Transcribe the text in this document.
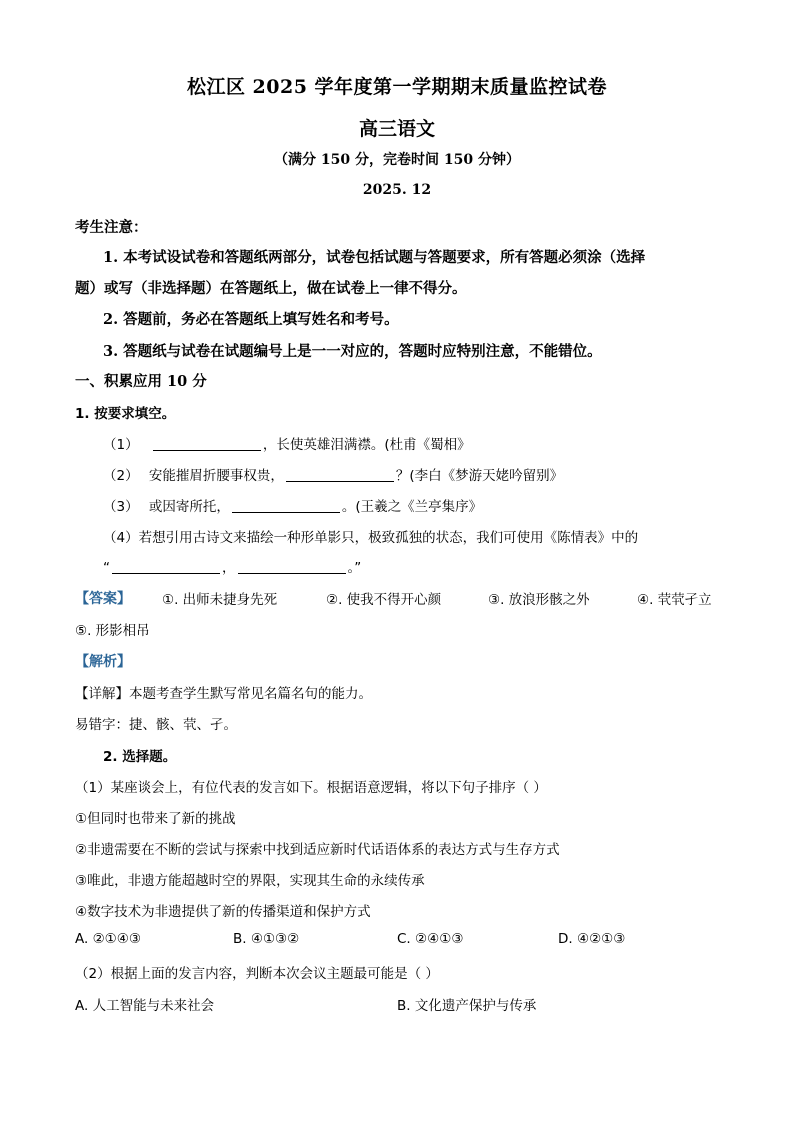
松江区 2025 学年度第一学期期末质量监控试卷
高三语文
（满分 150 分，完卷时间 150 分钟）
2025. 12
考生注意：
1. 本考试设试卷和答题纸两部分，试卷包括试题与答题要求，所有答题必须涂（选择
题）或写（非选择题）在答题纸上，做在试卷上一律不得分。
2. 答题前，务必在答题纸上填写姓名和考号。
3. 答题纸与试卷在试题编号上是一一对应的，答题时应特别注意，不能错位。
一、积累应用 10 分
1. 按要求填空。
（1）	，长使英雄泪满襟。(杜甫《蜀相》
（2） 安能摧眉折腰事权贵，	？(李白《梦游天姥吟留别》
（3） 或因寄所托，	。(王羲之《兰亭集序》
（4）若想引用古诗文来描绘一种形单影只，极致孤独的状态，我们可使用《陈情表》中的
“	，	。”
【答案】 ①. 出师未捷身先死	②. 使我不得开心颜	③. 放浪形骸之外	④. 茕茕孑立
⑤. 形影相吊
【解析】
【详解】本题考查学生默写常见名篇名句的能力。
易错字：捷、骸、茕、孑。
2. 选择题。
（1）某座谈会上，有位代表的发言如下。根据语意逻辑，将以下句子排序（ ）
①但同时也带来了新的挑战
②非遗需要在不断的尝试与探索中找到适应新时代话语体系的表达方式与生存方式
③唯此，非遗方能超越时空的界限，实现其生命的永续传承
④数字技术为非遗提供了新的传播渠道和保护方式
A. ②①④③	B. ④①③②	C. ②④①③	D. ④②①③
（2）根据上面的发言内容，判断本次会议主题最可能是（ ）
A. 人工智能与未来社会	B. 文化遗产保护与传承
